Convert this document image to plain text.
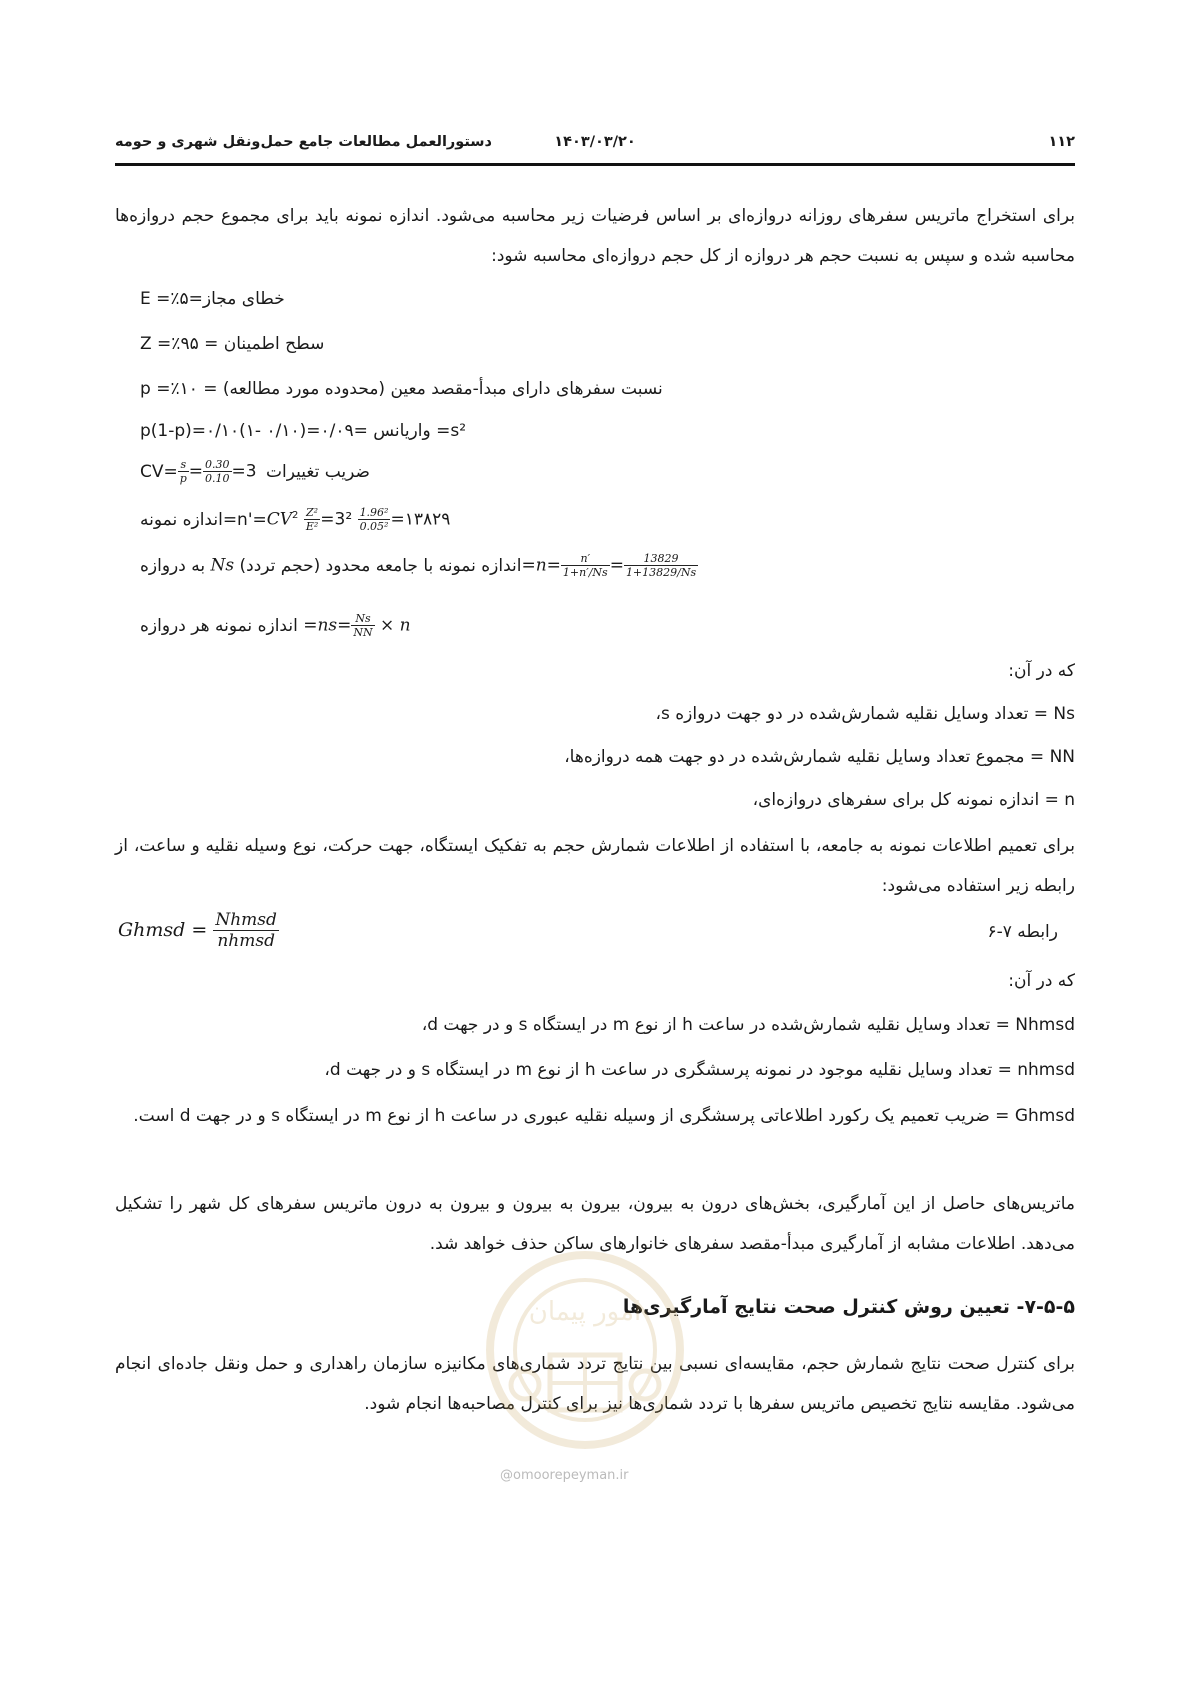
۱۱۲
۱۴۰۳/۰۳/۲۰
دستورالعمل مطالعات جامع حمل‌ونقل شهری و حومه
برای استخراج ماتریس سفرهای روزانه دروازه‌ای بر اساس فرضیات زیر محاسبه می‌شود. اندازه نمونه باید برای مجموع حجم دروازه‌ها محاسبه شده و سپس به نسبت حجم هر دروازه از کل حجم دروازه‌ای محاسبه شود:
خطای مجاز=۵٪= E
سطح اطمینان = ۹۵٪= Z
نسبت سفرهای دارای مبدأ-مقصد معین (محدوده مورد مطالعه) = ۱۰٪= p
s²= واریانس =p(1-p)=۰/۱۰(۱- ۰/۱۰)=۰/۰۹
$CV= \frac{s}{p} = \frac{0.30}{0.10} =3$ ضریب تغییرات
اندازه $نمونه=n'=CV^2 \frac{\text{Z²}}{\text{E²}} =3^2 \frac{\text{1.96²}}{\text{0.05²}}$ =۱۳۸۲۹
به دروازه Ns اندازه نمونه با جامعه محدود (حجم تردد)=n= $\frac{n'}{1+n'/Ns} = \frac{13829}{1+13829/Ns}$
اندازه نمونه هر دروازه $=ns= \frac{Ns}{NN} \times n$
که در آن:
Ns = تعداد وسایل نقلیه شمارش‌شده در دو جهت دروازه s،
NN = مجموع تعداد وسایل نقلیه شمارش‌شده در دو جهت همه دروازه‌ها،
n = اندازه نمونه کل برای سفرهای دروازه‌ای،
برای تعمیم اطلاعات نمونه به جامعه، با استفاده از اطلاعات شمارش حجم به تفکیک ایستگاه، جهت حرکت، نوع وسیله نقلیه و ساعت، از رابطه زیر استفاده می‌شود:
Ghmsd = $\frac{\text{Nhmsd}}{\text{nhmsd}}$	رابطه ۷-۶
که در آن:
Nhmsd = تعداد وسایل نقلیه شمارش‌شده در ساعت h از نوع m در ایستگاه s و در جهت d،
nhmsd = تعداد وسایل نقلیه موجود در نمونه پرسشگری در ساعت h از نوع m در ایستگاه s و در جهت d،
Ghmsd = ضریب تعمیم یک رکورد اطلاعاتی پرسشگری از وسیله نقلیه عبوری در ساعت h از نوع m در ایستگاه s و در جهت d است.
ماتریس‌های حاصل از این آمارگیری، بخش‌های درون به بیرون، بیرون به بیرون و بیرون به درون ماتریس سفرهای کل شهر را تشکیل می‌دهد. اطلاعات مشابه از آمارگیری مبدأ-مقصد سفرهای خانوارهای ساکن حذف خواهد شد.
۷-۵-۵- تعیین روش کنترل صحت نتایج آمارگیری‌ها
برای کنترل صحت نتایج شمارش حجم، مقایسه‌ای نسبی بین نتایج تردد شماری‌های مکانیزه سازمان راهداری و حمل ونقل جاده‌ای انجام می‌شود. مقایسه نتایج تخصیص ماتریس سفرها با تردد شماری‌ها نیز برای کنترل مصاحبه‌ها انجام شود.
امور پیمان
@omoorepeyman.ir
